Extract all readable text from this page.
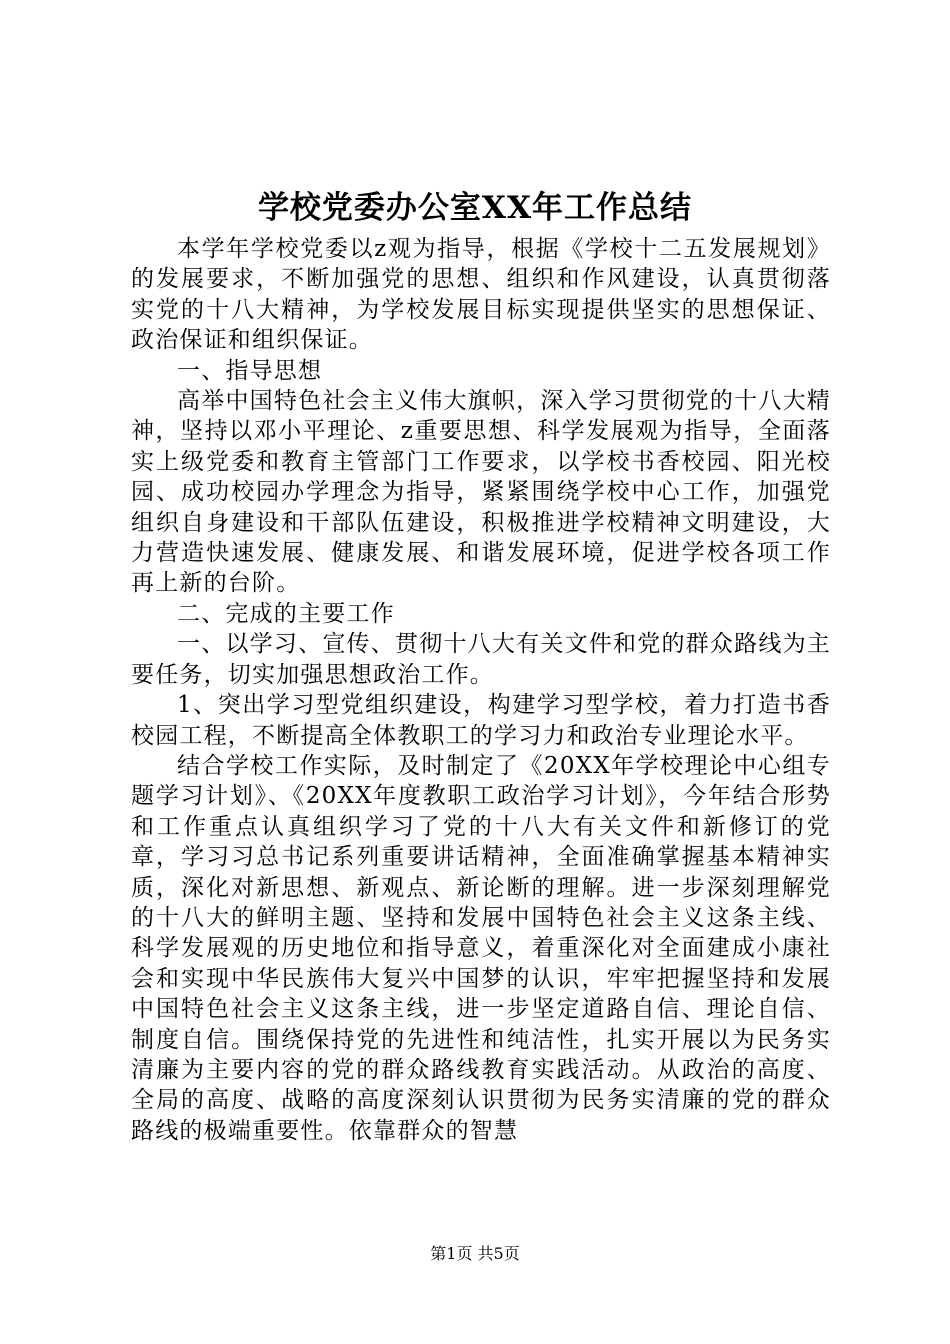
学校党委办公室XX年工作总结

本学年学校党委以z观为指导，根据《学校十二五发展规划》的发展要求，不断加强党的思想、组织和作风建设，认真贯彻落实党的十八大精神，为学校发展目标实现提供坚实的思想保证、政治保证和组织保证。

一、指导思想

高举中国特色社会主义伟大旗帜，深入学习贯彻党的十八大精神，坚持以邓小平理论、z重要思想、科学发展观为指导，全面落实上级党委和教育主管部门工作要求，以学校书香校园、阳光校园、成功校园办学理念为指导，紧紧围绕学校中心工作，加强党组织自身建设和干部队伍建设，积极推进学校精神文明建设，大力营造快速发展、健康发展、和谐发展环境，促进学校各项工作再上新的台阶。

二、完成的主要工作

一、以学习、宣传、贯彻十八大有关文件和党的群众路线为主要任务，切实加强思想政治工作。

1、突出学习型党组织建设，构建学习型学校，着力打造书香校园工程，不断提高全体教职工的学习力和政治专业理论水平。

结合学校工作实际，及时制定了《20XX年学校理论中心组专题学习计划》、《20XX年度教职工政治学习计划》，今年结合形势和工作重点认真组织学习了党的十八大有关文件和新修订的党章，学习习总书记系列重要讲话精神，全面准确掌握基本精神实质，深化对新思想、新观点、新论断的理解。进一步深刻理解党的十八大的鲜明主题、坚持和发展中国特色社会主义这条主线、科学发展观的历史地位和指导意义，着重深化对全面建成小康社会和实现中华民族伟大复兴中国梦的认识，牢牢把握坚持和发展中国特色社会主义这条主线，进一步坚定道路自信、理论自信、制度自信。围绕保持党的先进性和纯洁性，扎实开展以为民务实清廉为主要内容的党的群众路线教育实践活动。从政治的高度、全局的高度、战略的高度深刻认识贯彻为民务实清廉的党的群众路线的极端重要性。依靠群众的智慧

第1页 共5页
